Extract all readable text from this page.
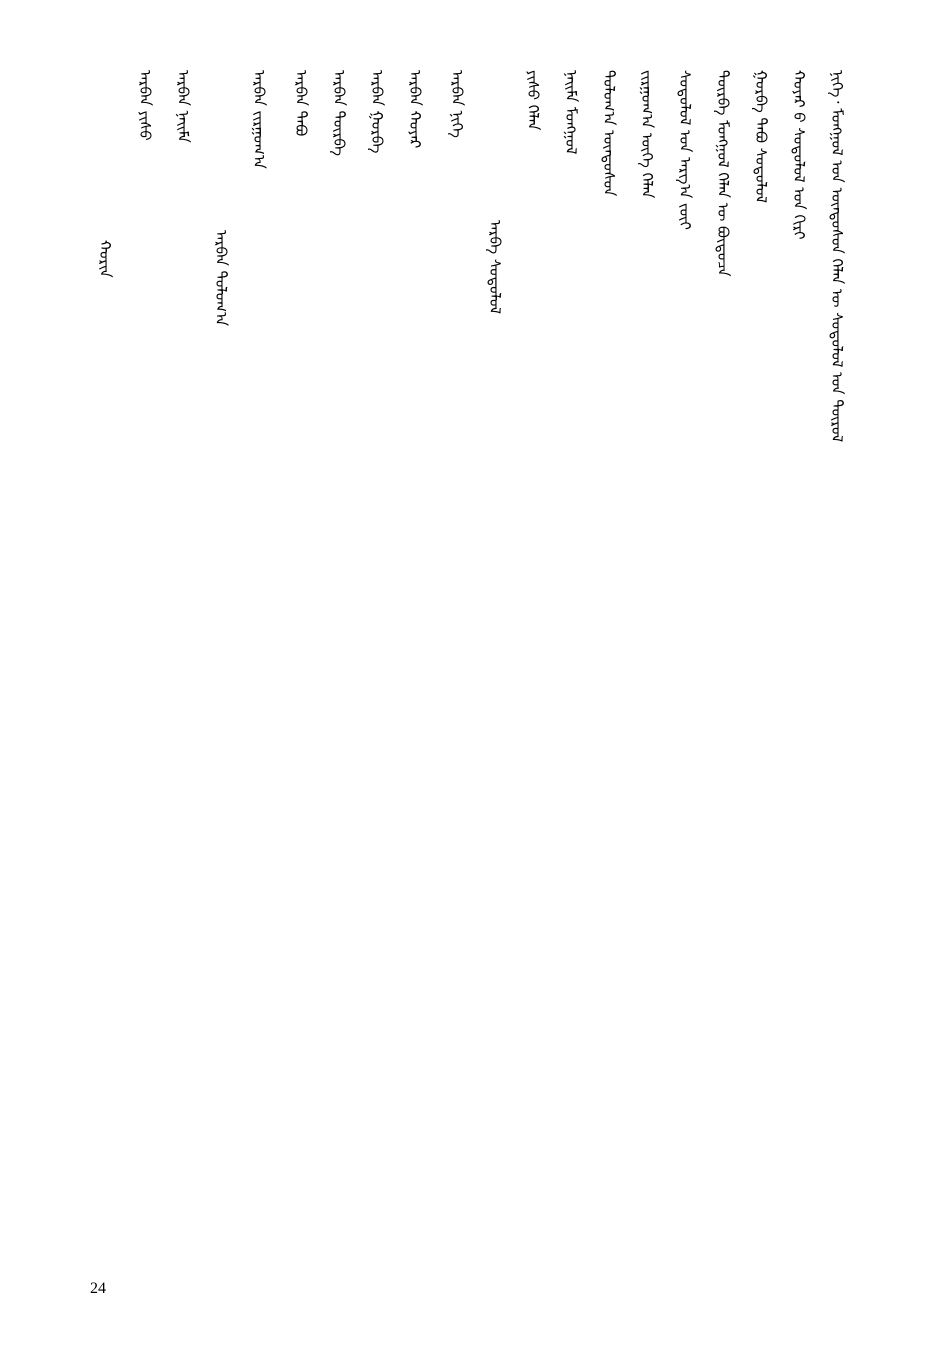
ᠨᠢᠭᠡ᠂ ᠮᠣᠩᠭᠣᠯ ᠤᠨ ᠦᠨᠳᠦᠰᠦᠨ ᠬᠡᠯᠡᠨ ᠦ ᠰᠣᠳᠤᠯᠤᠯ ᠤᠨ ᠲᠦᠷᠦᠯ
ᠬᠣᠶᠠᠷ ᠤ᠋ ᠰᠣᠳᠤᠯᠤᠯ ᠤᠨ ᠬᠢᠷᠢ
ᠭᠤᠷᠪᠠ ᠲᠠᠪᠤ ᠰᠣᠳᠤᠯᠤᠯ
ᠳᠥᠷᠪᠡ ᠮᠣᠩᠭᠣᠯ ᠬᠡᠯᠡᠨ ᠦ ᠪᠦᠲᠦᠴᠡ
ᠰᠣᠳᠤᠯᠤᠯ ᠤᠨ ᠠᠷᠭ᠎ᠠ ᠵᠦᠢ
ᠵᠢᠷᠭᠤᠭ᠎ᠠ ᠦᠭᠡ ᠬᠡᠯᠡᠨ
ᠳᠣᠯᠣᠭ᠎ᠠ ᠦᠨᠳᠦᠰᠦᠨ
ᠨᠠᠢᠮᠠ ᠮᠣᠩᠭᠣᠯ
ᠶᠢᠰᠦ ᠬᠡᠯᠡᠨ
ᠠᠷᠪᠠ ᠰᠣᠳᠤᠯᠤᠯ
ᠠᠷᠪᠠᠨ ᠨᠢᠭᠡ
ᠠᠷᠪᠠᠨ ᠬᠣᠶᠠᠷ
ᠠᠷᠪᠠᠨ ᠭᠤᠷᠪᠠ
ᠠᠷᠪᠠᠨ ᠳᠥᠷᠪᠡ
ᠠᠷᠪᠠᠨ ᠲᠠᠪᠤ
ᠠᠷᠪᠠᠨ ᠵᠢᠷᠭᠤᠭ᠎ᠠ
ᠠᠷᠪᠠᠨ ᠳᠣᠯᠣᠭ᠎ᠠ
ᠠᠷᠪᠠᠨ ᠨᠠᠢᠮᠠ
ᠠᠷᠪᠠᠨ ᠶᠢᠰᠦ
ᠬᠣᠷᠢᠨ
24
